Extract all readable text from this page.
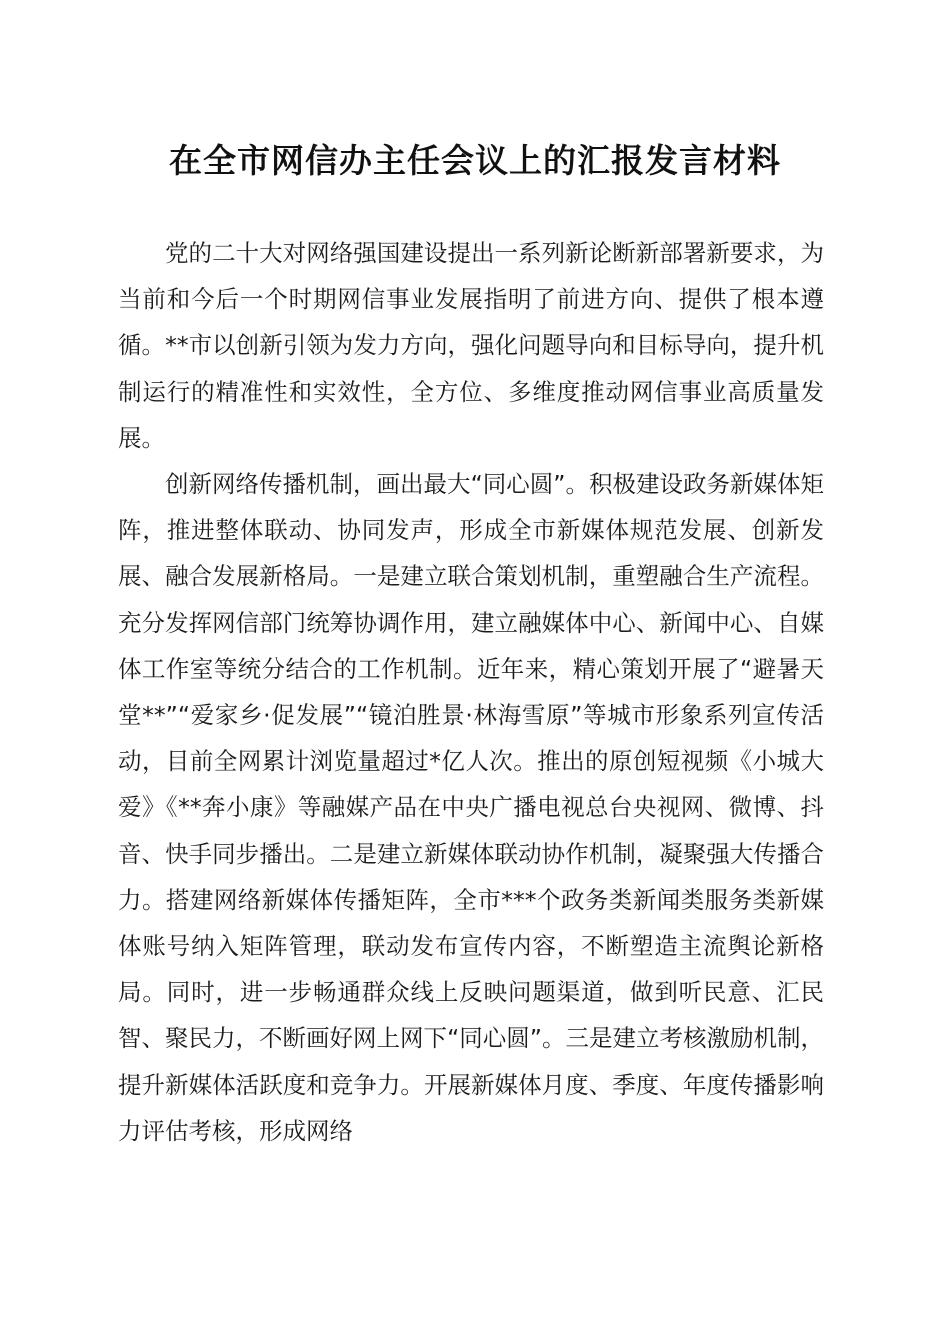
在全市网信办主任会议上的汇报发言材料

党的二十大对网络强国建设提出一系列新论断新部署新要求，为当前和今后一个时期网信事业发展指明了前进方向、提供了根本遵循。**市以创新引领为发力方向，强化问题导向和目标导向，提升机制运行的精准性和实效性，全方位、多维度推动网信事业高质量发展。

创新网络传播机制，画出最大“同心圆”。积极建设政务新媒体矩阵，推进整体联动、协同发声，形成全市新媒体规范发展、创新发展、融合发展新格局。一是建立联合策划机制，重塑融合生产流程。充分发挥网信部门统筹协调作用，建立融媒体中心、新闻中心、自媒体工作室等统分结合的工作机制。近年来，精心策划开展了“避暑天堂**”“爱家乡·促发展”“镜泊胜景·林海雪原”等城市形象系列宣传活动，目前全网累计浏览量超过*亿人次。推出的原创短视频《小城大爱》《**奔小康》等融媒产品在中央广播电视总台央视网、微博、抖音、快手同步播出。二是建立新媒体联动协作机制，凝聚强大传播合力。搭建网络新媒体传播矩阵，全市***个政务类新闻类服务类新媒体账号纳入矩阵管理，联动发布宣传内容，不断塑造主流舆论新格局。同时，进一步畅通群众线上反映问题渠道，做到听民意、汇民智、聚民力，不断画好网上网下“同心圆”。三是建立考核激励机制，提升新媒体活跃度和竞争力。开展新媒体月度、季度、年度传播影响力评估考核，形成网络
